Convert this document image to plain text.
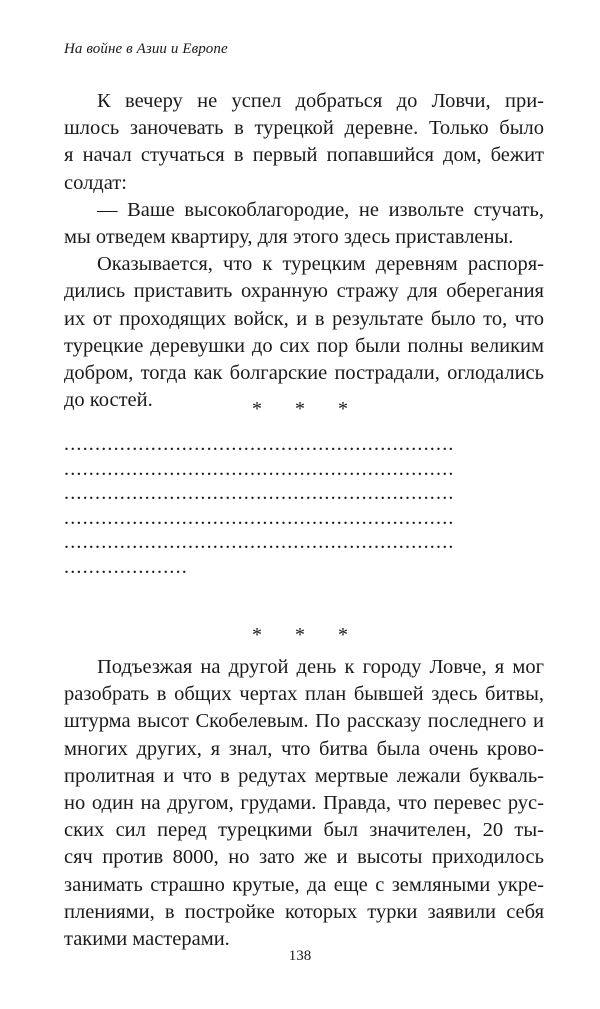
На войне в Азии и Европе
К вечеру не успел добраться до Ловчи, при-
шлось заночевать в турецкой деревне. Только было
я начал стучаться в первый попавшийся дом, бежит
солдат:
— Ваше высокоблагородие, не извольте стучать,
мы отведем квартиру, для этого здесь приставлены.
Оказывается, что к турецким деревням распоря-
дились приставить охранную стражу для оберегания
их от проходящих войск, и в результате было то, что
турецкие деревушки до сих пор были полны великим
добром, тогда как болгарские пострадали, оглодались
до костей.	* * *
...............................................................
...............................................................
...............................................................
...............................................................
...............................................................
....................
* * *
Подъезжая на другой день к городу Ловче, я мог
разобрать в общих чертах план бывшей здесь битвы,
штурма высот Скобелевым. По рассказу последнего и
многих других, я знал, что битва была очень крово-
пролитная и что в редутах мертвые лежали букваль-
но один на другом, грудами. Правда, что перевес рус-
ских сил перед турецкими был значителен, 20 ты-
сяч против 8000, но зато же и высоты приходилось
занимать страшно крутые, да еще с земляными укре-
плениями, в постройке которых турки заявили себя
такими мастерами.
138
